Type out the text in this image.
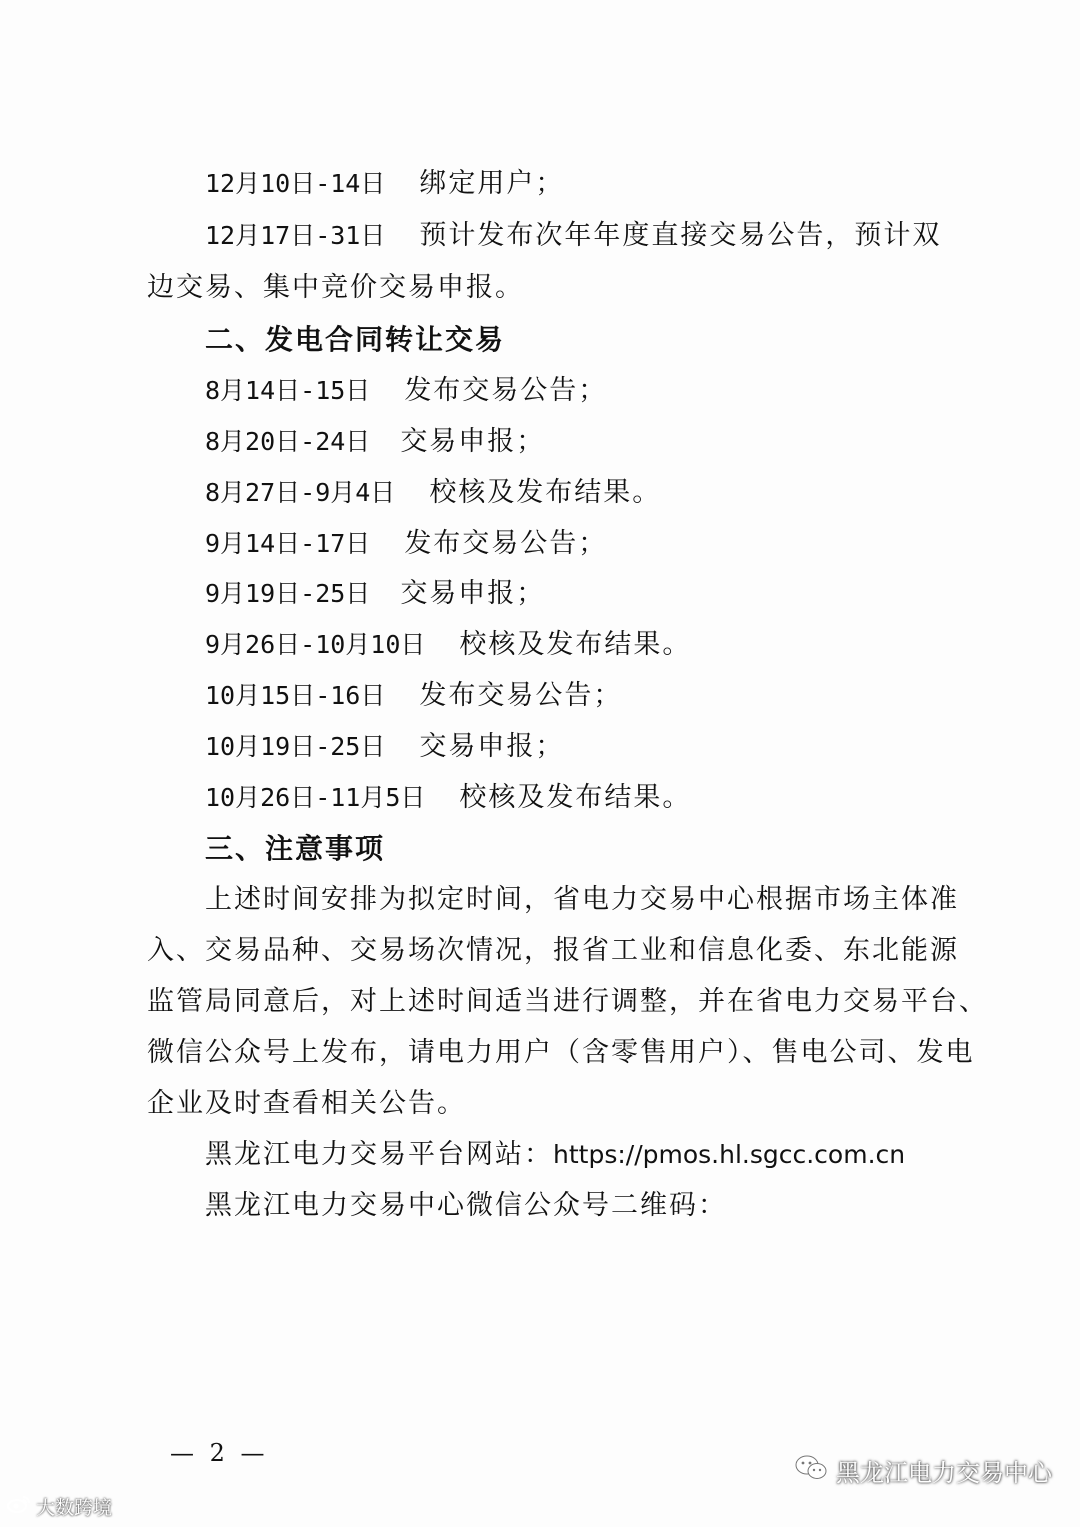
12月10日-14日 绑定用户；
12月17日-31日 预计发布次年年度直接交易公告，预计双
边交易、集中竞价交易申报。
二、发电合同转让交易
8月14日-15日 发布交易公告；
8月20日-24日 交易申报；
8月27日-9月4日 校核及发布结果。
9月14日-17日 发布交易公告；
9月19日-25日 交易申报；
9月26日-10月10日 校核及发布结果。
10月15日-16日 发布交易公告；
10月19日-25日 交易申报；
10月26日-11月5日 校核及发布结果。
三、注意事项
上述时间安排为拟定时间，省电力交易中心根据市场主体准
入、交易品种、交易场次情况，报省工业和信息化委、东北能源
监管局同意后，对上述时间适当进行调整，并在省电力交易平台、
微信公众号上发布，请电力用户（含零售用户）、售电公司、发电
企业及时查看相关公告。
黑龙江电力交易平台网站：https://pmos.hl.sgcc.com.cn
黑龙江电力交易中心微信公众号二维码：
— 2 —
大数跨境
黑龙江电力交易中心
